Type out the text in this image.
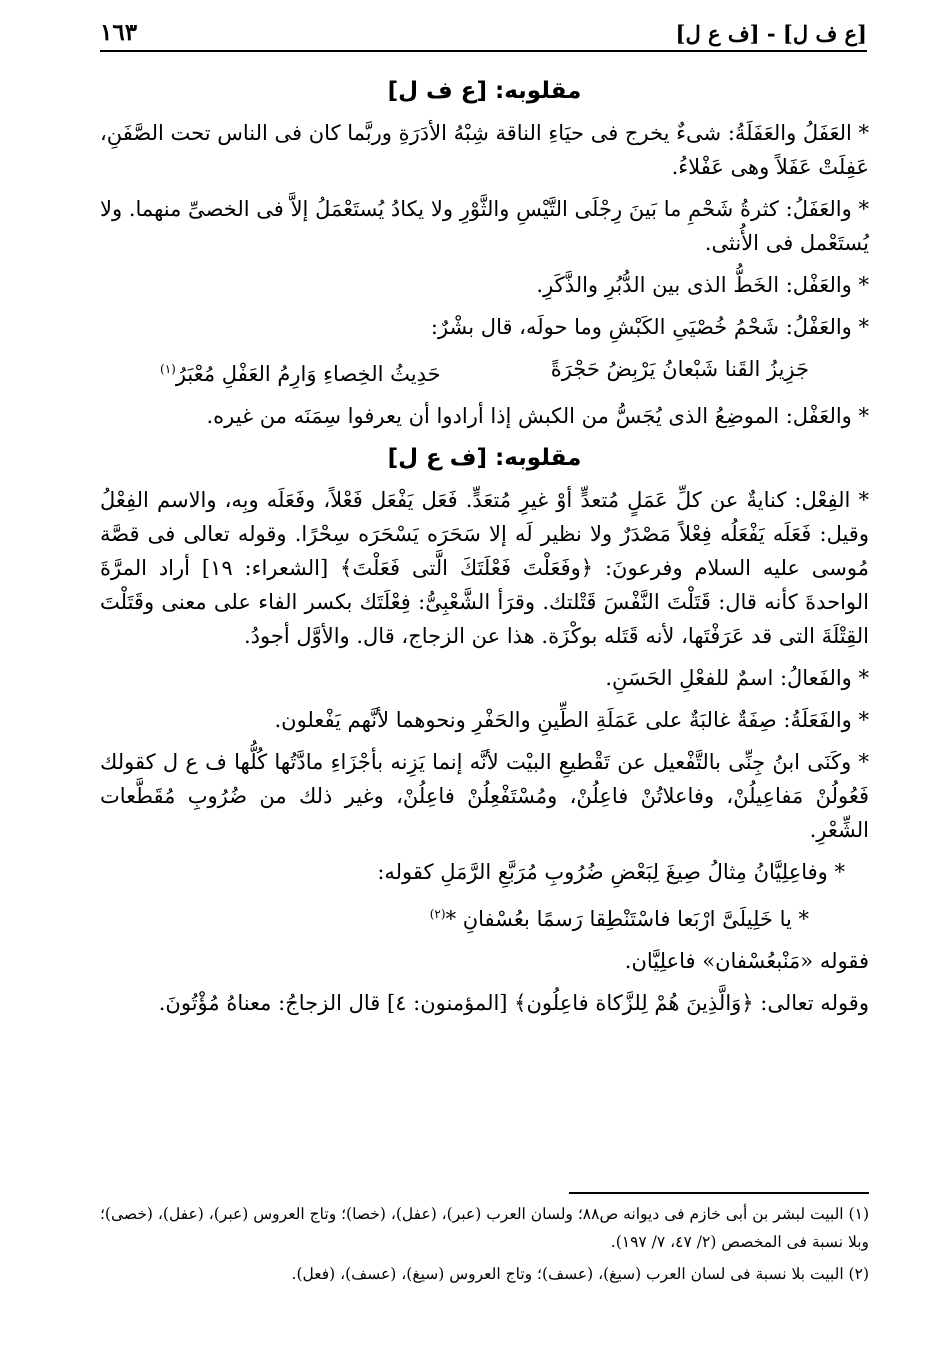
[ع ف ل] - [ف ع ل]
١٦٣
مقلوبه: [ع ف ل]

* العَفَلُ والعَفَلَةُ: شىءٌ يخرج فى حيَاءِ الناقة شِبْهُ الأدَرَةِ وربَّما كان فى الناس تحت الصَّفَنِ، عَفِلَتْ عَفَلاً وهى عَفْلاءُ.

* والعَفَلُ: كثرةُ شَحْمِ ما بَينَ رِجْلَى التَّيْسِ والثَّوْرِ ولا يكادُ يُستَعْمَلُ إلاَّ فى الخصىِّ منهما. ولا يُستَعْمل فى الأُنثى.

* والعَفْل: الخَطُّ الذى بين الدُّبُرِ والذَّكَرِ.

* والعَفْلُ: شَحْمُ خُصْيَىِ الكَبْشِ وما حولَه، قال بشْرٌ:

جَزِيزُ القَنا شَبْعانُ يَرْبِضُ حَجْرَةً
حَدِيثُ الخِصاءِ وَارِمُ العَفْلِ مُعْبَرُ$^{(١)}$

* والعَفْل: الموضِعُ الذى يُجَسُّ من الكبش إذا أرادوا أن يعرفوا سِمَنَه من غيره.

مقلوبه: [ف ع ل]

* الفِعْل: كنايةٌ عن كلِّ عَمَلٍ مُتعدٍّ أوْ غيرِ مُتعَدٍّ. فَعَل يَفْعَل فَعْلاً، وفَعَلَه وبِه، والاسم الفِعْلُ وقيل: فَعَلَه يَفْعَلُه فِعْلاً مَصْدَرٌ ولا نظير لَه إلا سَحَرَه يَسْحَرَه سِحْرًا. وقوله تعالى فى قصَّة مُوسى عليه السلام وفرعونَ: ﴿وفَعَلْتَ فَعْلَتَكَ الَّتى فَعَلْتَ﴾ [الشعراء: ١٩] أراد المرَّةَ الواحدةَ كأنه قال: قَتَلْتَ النَّفْسَ قَتْلتك. وقرَأ الشَّعْبِىُّ: فِعْلَتَك بكسر الفاء على معنى وقَتَلْتَ القِتْلَةَ التى قد عَرَفْتَها، لأنه قَتَله بوكْزَة. هذا عن الزجاج، قال. والأوَّل أجودُ.

* والفَعالُ: اسمٌ للفعْلِ الحَسَنِ.

* والفَعَلَةُ: صِفَةٌ غالبَةٌ على عَمَلَةِ الطِّينِ والحَفْرِ ونحوهما لأنَّهم يَفْعلون.

* وكَنَى ابنُ جِنِّى بالتَّفْعيل عن تَقْطيعِ البيْت لأنَّه إنما يَزِنه بأجْزَاءِ مادَّتُها كُلُّها ف ع ل كقولك فَعُولُنْ مَفاعِيلُنْ، وفاعلاتُنْ فاعِلُنْ، ومُسْتَفْعِلُنْ فاعِلُنْ، وغير ذلك من ضُرُوبِ مُقَطَّعات الشِّعْرِ.

* وفاعِلِيَّانُ مِثالُ صِيغَ لِبَعْضِ ضُرُوبِ مُرَبَّعِ الرَّمَلِ كقوله:

* يا خَلِيلَىَّ ارْبَعا فاسْتَنْطِقا رَسمًا بعُسْفانِ *$^{(٢)}$

فقوله «مَنْبعُسْفان» فاعلِيَّان.

وقوله تعالى: ﴿وَالَّذِينَ هُمْ لِلزَّكاة فاعِلُون﴾ [المؤمنون: ٤] قال الزجاجُ: معناهُ مُؤْتُونَ.

(١) البيت لبشر بن أبى خازم فى ديوانه ص٨٨؛ ولسان العرب (عبر)، (عفل)، (خصا)؛ وتاج العروس (عبر)، (عفل)، (خصى)؛ وبلا نسبة فى المخصص (٢/ ٤٧، ٧/ ١٩٧).

(٢) البيت بلا نسبة فى لسان العرب (سيغ)، (عسف)؛ وتاج العروس (سيغ)، (عسف)، (فعل).
